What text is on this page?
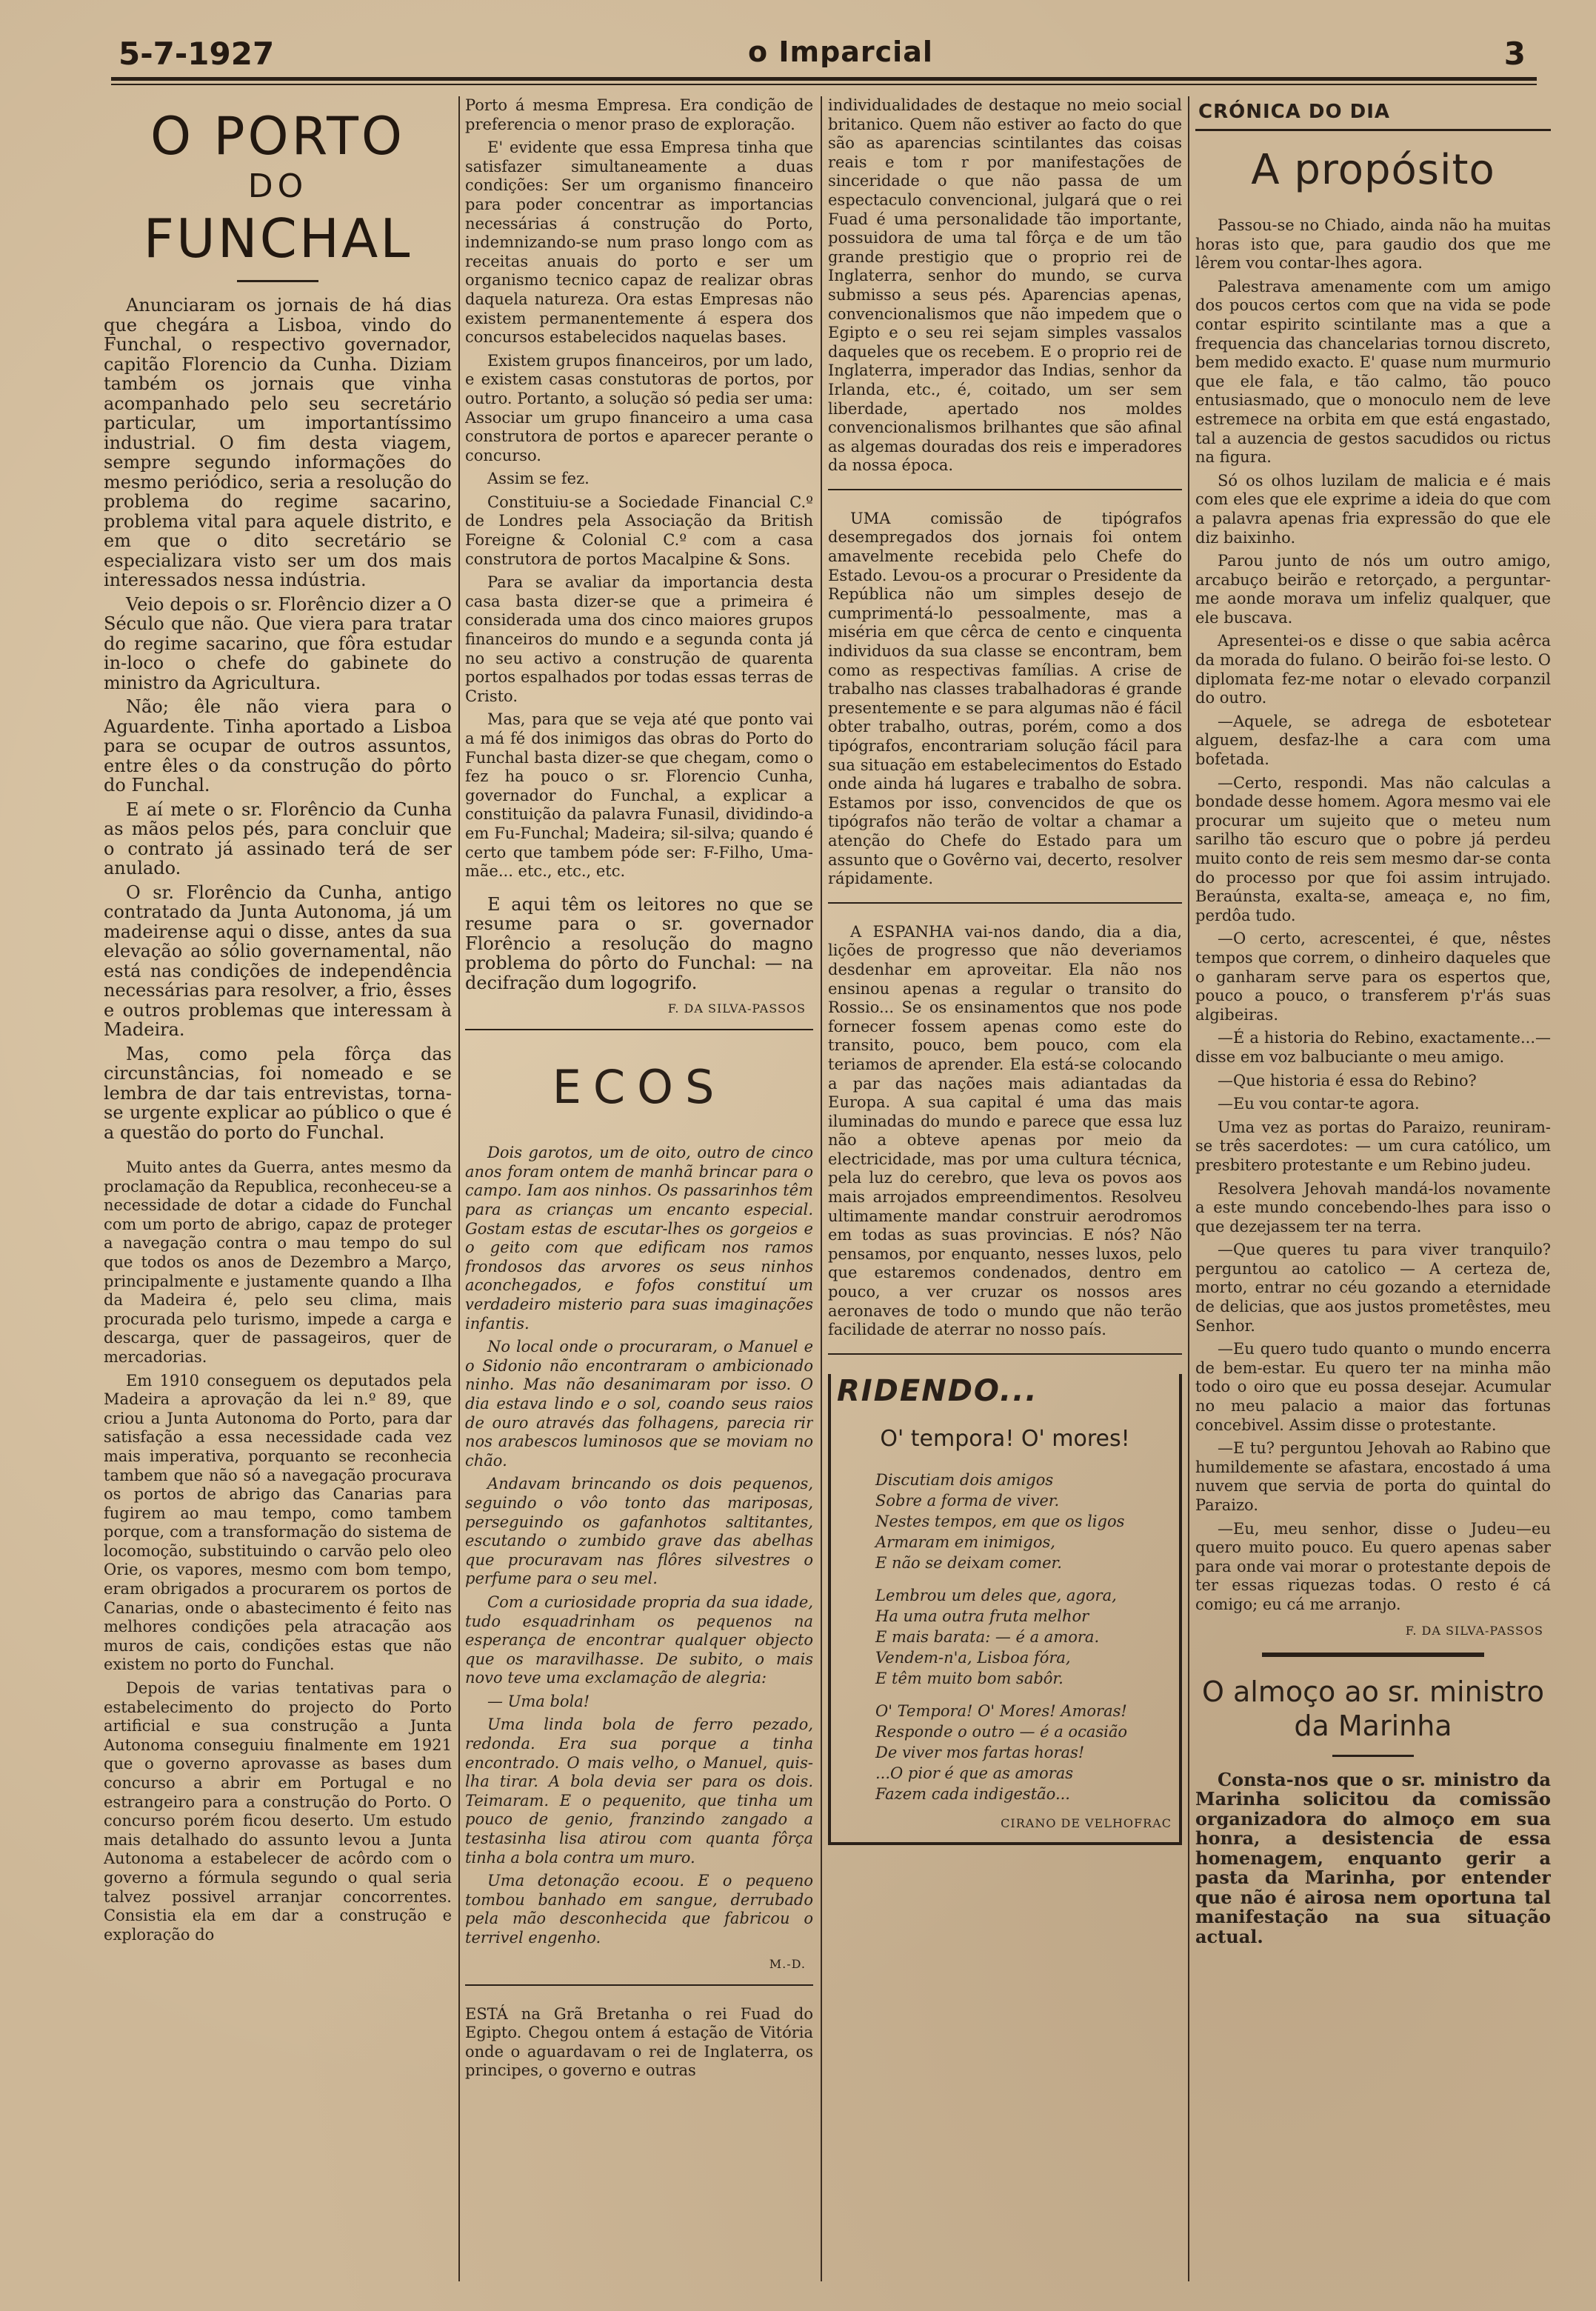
5-7-1927	o Imparcial	3
O PORTO
DO
FUNCHAL

Anunciaram os jornais de há dias que chegára a Lisboa, vindo do Funchal, o respectivo governador, capitão Florencio da Cunha. Diziam também os jornais que vinha acompanhado pelo seu secretário particular, um importantíssimo industrial. O fim desta viagem, sempre segundo informações do mesmo periódico, seria a resolução do problema do regime sacarino, problema vital para aquele distrito, e em que o dito secretário se especializara visto ser um dos mais interessados nessa indústria.

Veio depois o sr. Florêncio dizer a O Século que não. Que viera para tratar do regime sacarino, que fôra estudar in-loco o chefe do gabinete do ministro da Agricultura.

Não; êle não viera para o Aguardente. Tinha aportado a Lisboa para se ocupar de outros assuntos, entre êles o da construção do pôrto do Funchal.

E aí mete o sr. Florêncio da Cunha as mãos pelos pés, para concluir que o contrato já assinado terá de ser anulado.

O sr. Florêncio da Cunha, antigo contratado da Junta Autonoma, já um madeirense aqui o disse, antes da sua elevação ao sólio governamental, não está nas condições de independência necessárias para resolver, a frio, êsses e outros problemas que interessam à Madeira.

Mas, como pela fôrça das circunstâncias, foi nomeado e se lembra de dar tais entrevistas, torna-se urgente explicar ao público o que é a questão do porto do Funchal.

Muito antes da Guerra, antes mesmo da proclamação da Republica, reconheceu-se a necessidade de dotar a cidade do Funchal com um porto de abrigo, capaz de proteger a navegação contra o mau tempo do sul que todos os anos de Dezembro a Março, principalmente e justamente quando a Ilha da Madeira é, pelo seu clima, mais procurada pelo turismo, impede a carga e descarga, quer de passageiros, quer de mercadorias.

Em 1910 conseguem os deputados pela Madeira a aprovação da lei n.º 89, que criou a Junta Autonoma do Porto, para dar satisfação a essa necessidade cada vez mais imperativa, porquanto se reconhecia tambem que não só a navegação procurava os portos de abrigo das Canarias para fugirem ao mau tempo, como tambem porque, com a transformação do sistema de locomoção, substituindo o carvão pelo oleo Orie, os vapores, mesmo com bom tempo, eram obrigados a procurarem os portos de Canarias, onde o abastecimento é feito nas melhores condições pela atracação aos muros de cais, condições estas que não existem no porto do Funchal.

Depois de varias tentativas para o estabelecimento do projecto do Porto artificial e sua construção a Junta Autonoma conseguiu finalmente em 1921 que o governo aprovasse as bases dum concurso a abrir em Portugal e no estrangeiro para a construção do Porto. O concurso porém ficou deserto. Um estudo mais detalhado do assunto levou a Junta Autonoma a estabelecer de acôrdo com o governo a fórmula segundo o qual seria talvez possivel arranjar concorrentes. Consistia ela em dar a construção e exploração do

Porto á mesma Empresa. Era condição de preferencia o menor praso de exploração.

E' evidente que essa Empresa tinha que satisfazer simultaneamente a duas condições: Ser um organismo financeiro para poder concentrar as importancias necessárias á construção do Porto, indemnizando-se num praso longo com as receitas anuais do porto e ser um organismo tecnico capaz de realizar obras daquela natureza. Ora estas Empresas não existem permanentemente á espera dos concursos estabelecidos naquelas bases.

Existem grupos financeiros, por um lado, e existem casas constutoras de portos, por outro. Portanto, a solução só pedia ser uma: Associar um grupo financeiro a uma casa construtora de portos e aparecer perante o concurso.

Assim se fez.

Constituiu-se a Sociedade Financial C.º de Londres pela Associação da British Foreigne & Colonial C.º com a casa construtora de portos Macalpine & Sons.

Para se avaliar da importancia desta casa basta dizer-se que a primeira é considerada uma dos cinco maiores grupos financeiros do mundo e a segunda conta já no seu activo a construção de quarenta portos espalhados por todas essas terras de Cristo.

Mas, para que se veja até que ponto vai a má fé dos inimigos das obras do Porto do Funchal basta dizer-se que chegam, como o fez ha pouco o sr. Florencio Cunha, governador do Funchal, a explicar a constituição da palavra Funasil, dividindo-a em Fu-Funchal; Madeira; sil-silva; quando é certo que tambem póde ser: F-Filho, Uma-mãe... etc., etc., etc.

E aqui têm os leitores no que se resume para o sr. governador Florêncio a resolução do magno problema do pôrto do Funchal: — na decifração dum logogrifo.

F. DA SILVA-PASSOS
ECOS

Dois garotos, um de oito, outro de cinco anos foram ontem de manhã brincar para o campo. Iam aos ninhos. Os passarinhos têm para as crianças um encanto especial. Gostam estas de escutar-lhes os gorgeios e o geito com que edificam nos ramos frondosos das arvores os seus ninhos aconchegados, e fofos constituí um verdadeiro misterio para suas imaginações infantis.

No local onde o procuraram, o Manuel e o Sidonio não encontraram o ambicionado ninho. Mas não desanimaram por isso. O dia estava lindo e o sol, coando seus raios de ouro através das folhagens, parecia rir nos arabescos luminosos que se moviam no chão.

Andavam brincando os dois pequenos, seguindo o vôo tonto das mariposas, perseguindo os gafanhotos saltitantes, escutando o zumbido grave das abelhas que procuravam nas flôres silvestres o perfume para o seu mel.

Com a curiosidade propria da sua idade, tudo esquadrinham os pequenos na esperança de encontrar qualquer objecto que os maravilhasse. De subito, o mais novo teve uma exclamação de alegria:

— Uma bola!

Uma linda bola de ferro pezado, redonda. Era sua porque a tinha encontrado. O mais velho, o Manuel, quis-lha tirar. A bola devia ser para os dois. Teimaram. E o pequenito, que tinha um pouco de genio, franzindo zangado a testasinha lisa atirou com quanta fôrça tinha a bola contra um muro.

Uma detonação ecoou. E o pequeno tombou banhado em sangue, derrubado pela mão desconhecida que fabricou o terrivel engenho.

M.-D.

ESTÁ na Grã Bretanha o rei Fuad do Egipto. Chegou ontem á estação de Vitória onde o aguardavam o rei de Inglaterra, os principes, o governo e outras

individualidades de destaque no meio social britanico. Quem não estiver ao facto do que são as aparencias scintilantes das coisas reais e tom r por manifestações de sinceridade o que não passa de um espectaculo convencional, julgará que o rei Fuad é uma personalidade tão importante, possuidora de uma tal fôrça e de um tão grande prestigio que o proprio rei de Inglaterra, senhor do mundo, se curva submisso a seus pés. Aparencias apenas, convencionalismos que não impedem que o Egipto e o seu rei sejam simples vassalos daqueles que os recebem. E o proprio rei de Inglaterra, imperador das Indias, senhor da Irlanda, etc., é, coitado, um ser sem liberdade, apertado nos moldes convencionalismos brilhantes que são afinal as algemas douradas dos reis e imperadores da nossa época.

UMA comissão de tipógrafos desempregados dos jornais foi ontem amavelmente recebida pelo Chefe do Estado. Levou-os a procurar o Presidente da República não um simples desejo de cumprimentá-lo pessoalmente, mas a miséria em que cêrca de cento e cinquenta individuos da sua classe se encontram, bem como as respectivas famílias. A crise de trabalho nas classes trabalhadoras é grande presentemente e se para algumas não é fácil obter trabalho, outras, porém, como a dos tipógrafos, encontrariam solução fácil para sua situação em estabelecimentos do Estado onde ainda há lugares e trabalho de sobra. Estamos por isso, convencidos de que os tipógrafos não terão de voltar a chamar a atenção do Chefe do Estado para um assunto que o Govêrno vai, decerto, resolver rápidamente.

A ESPANHA vai-nos dando, dia a dia, lições de progresso que não deveriamos desdenhar em aproveitar. Ela não nos ensinou apenas a regular o transito do Rossio... Se os ensinamentos que nos pode fornecer fossem apenas como este do transito, pouco, bem pouco, com ela teriamos de aprender. Ela está-se colocando a par das nações mais adiantadas da Europa. A sua capital é uma das mais iluminadas do mundo e parece que essa luz não a obteve apenas por meio da electricidade, mas por uma cultura técnica, pela luz do cerebro, que leva os povos aos mais arrojados empreendimentos. Resolveu ultimamente mandar construir aerodromos em todas as suas provincias. E nós? Não pensamos, por enquanto, nesses luxos, pelo que estaremos condenados, dentro em pouco, a ver cruzar os nossos ares aeronaves de todo o mundo que não terão facilidade de aterrar no nosso país.

RIDENDO...
O' tempora! O' mores!
Discutiam dois amigos
Sobre a forma de viver.
Nestes tempos, em que os ligos
Armaram em inimigos,
E não se deixam comer.
Lembrou um deles que, agora,
Ha uma outra fruta melhor
E mais barata: — é a amora.
Vendem-n'a, Lisboa fóra,
E têm muito bom sabôr.
O' Tempora! O' Mores! Amoras!
Responde o outro — é a ocasião
De viver mos fartas horas!
...O pior é que as amoras
Fazem cada indigestão...
CIRANO DE VELHOFRAC
CRÓNICA DO DIA
A propósito

Passou-se no Chiado, ainda não ha muitas horas isto que, para gaudio dos que me lêrem vou contar-lhes agora.

Palestrava amenamente com um amigo dos poucos certos com que na vida se pode contar espirito scintilante mas a que a frequencia das chancelarias tornou discreto, bem medido exacto. E' quase num murmurio que ele fala, e tão calmo, tão pouco entusiasmado, que o monoculo nem de leve estremece na orbita em que está engastado, tal a auzencia de gestos sacudidos ou rictus na figura.

Só os olhos luzilam de malicia e é mais com eles que ele exprime a ideia do que com a palavra apenas fria expressão do que ele diz baixinho.

Parou junto de nós um outro amigo, arcabuço beirão e retorçado, a perguntar-me aonde morava um infeliz qualquer, que ele buscava.

Apresentei-os e disse o que sabia acêrca da morada do fulano. O beirão foi-se lesto. O diplomata fez-me notar o elevado corpanzil do outro.

—Aquele, se adrega de esbotetear alguem, desfaz-lhe a cara com uma bofetada.

—Certo, respondi. Mas não calculas a bondade desse homem. Agora mesmo vai ele procurar um sujeito que o meteu num sarilho tão escuro que o pobre já perdeu muito conto de reis sem mesmo dar-se conta do processo por que foi assim intrujado. Beraúnsta, exalta-se, ameaça e, no fim, perdôa tudo.

—O certo, acrescentei, é que, nêstes tempos que correm, o dinheiro daqueles que o ganharam serve para os espertos que, pouco a pouco, o transferem p'r'ás suas algibeiras.

—É a historia do Rebino, exactamente...—disse em voz balbuciante o meu amigo.

—Que historia é essa do Rebino?

—Eu vou contar-te agora.

Uma vez as portas do Paraizo, reuniram-se três sacerdotes: — um cura católico, um presbitero protestante e um Rebino judeu.

Resolvera Jehovah mandá-los novamente a este mundo concebendo-lhes para isso o que dezejassem ter na terra.

—Que queres tu para viver tranquilo? perguntou ao catolico — A certeza de, morto, entrar no céu gozando a eternidade de delicias, que aos justos prometêstes, meu Senhor.

—Eu quero tudo quanto o mundo encerra de bem-estar. Eu quero ter na minha mão todo o oiro que eu possa desejar. Acumular no meu palacio a maior das fortunas concebivel. Assim disse o protestante.

—E tu? perguntou Jehovah ao Rabino que humildemente se afastara, encostado á uma nuvem que servia de porta do quintal do Paraizo.

—Eu, meu senhor, disse o Judeu—eu quero muito pouco. Eu quero apenas saber para onde vai morar o protestante depois de ter essas riquezas todas. O resto é cá comigo; eu cá me arranjo.

F. DA SILVA-PASSOS
O almoço ao sr. ministro da Marinha

Consta-nos que o sr. ministro da Marinha solicitou da comissão organizadora do almoço em sua honra, a desistencia de essa homenagem, enquanto gerir a pasta da Marinha, por entender que não é airosa nem oportuna tal manifestação na sua situação actual.
